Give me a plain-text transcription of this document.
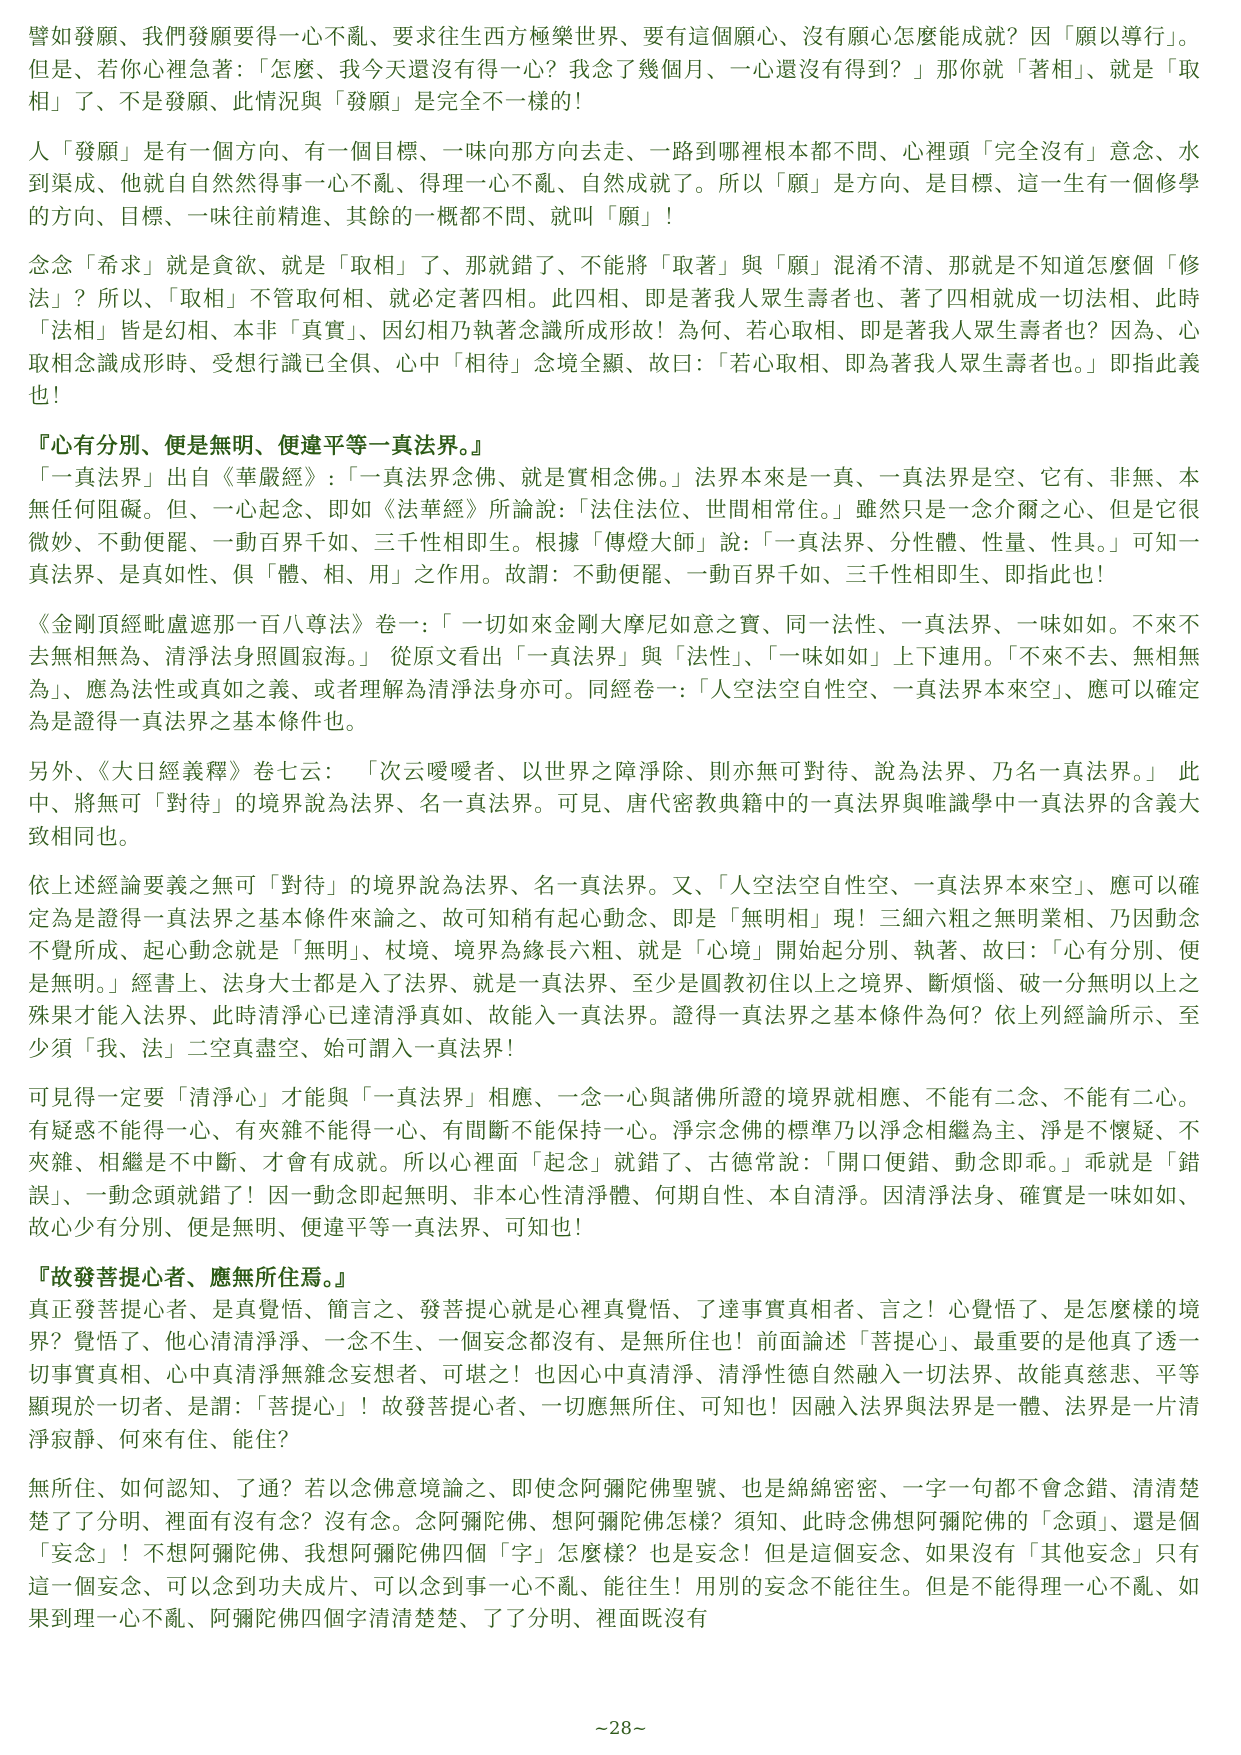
譬如發願、我們發願要得一心不亂、要求往生西方極樂世界、要有這個願心、沒有願心怎麼能成就？因「願以導行」。但是、若你心裡急著：「怎麼、我今天還沒有得一心？我念了幾個月、一心還沒有得到？」那你就「著相」、就是「取相」了、不是發願、此情況與「發願」是完全不一樣的！

人「發願」是有一個方向、有一個目標、一味向那方向去走、一路到哪裡根本都不問、心裡頭「完全沒有」意念、水到渠成、他就自自然然得事一心不亂、得理一心不亂、自然成就了。所以「願」是方向、是目標、這一生有一個修學的方向、目標、一味往前精進、其餘的一概都不問、就叫「願」！

念念「希求」就是貪欲、就是「取相」了、那就錯了、不能將「取著」與「願」混淆不清、那就是不知道怎麼個「修法」？所以、「取相」不管取何相、就必定著四相。此四相、即是著我人眾生壽者也、著了四相就成一切法相、此時「法相」皆是幻相、本非「真實」、因幻相乃執著念識所成形故！為何、若心取相、即是著我人眾生壽者也？因為、心取相念識成形時、受想行識已全俱、心中「相待」念境全顯、故曰：「若心取相、即為著我人眾生壽者也。」即指此義也！

『心有分別、便是無明、便違平等一真法界。』

「一真法界」出自《華嚴經》:「一真法界念佛、就是實相念佛。」法界本來是一真、一真法界是空、它有、非無、本無任何阻礙。但、一心起念、即如《法華經》所論說:「法住法位、世間相常住。」雖然只是一念介爾之心、但是它很微妙、不動便罷、一動百界千如、三千性相即生。根據「傳燈大師」說:「一真法界、分性體、性量、性具。」可知一真法界、是真如性、俱「體、相、用」之作用。故謂：不動便罷、一動百界千如、三千性相即生、即指此也！

《金剛頂經毗盧遮那一百八尊法》卷一:「 一切如來金剛大摩尼如意之寶、同一法性、一真法界、一味如如。不來不去無相無為、清淨法身照圓寂海。」 從原文看出「一真法界」與「法性」、「一味如如」上下連用。「不來不去、無相無為」、應為法性或真如之義、或者理解為清淨法身亦可。同經卷一:「人空法空自性空、一真法界本來空」、應可以確定為是證得一真法界之基本條件也。

另外、《大日經義釋》卷七云： 「次云噯噯者、以世界之障淨除、則亦無可對待、說為法界、乃名一真法界。」 此中、將無可「對待」的境界說為法界、名一真法界。可見、唐代密教典籍中的一真法界與唯識學中一真法界的含義大致相同也。

依上述經論要義之無可「對待」的境界說為法界、名一真法界。又、「人空法空自性空、一真法界本來空」、應可以確定為是證得一真法界之基本條件來論之、故可知稍有起心動念、即是「無明相」現！三細六粗之無明業相、乃因動念不覺所成、起心動念就是「無明」、杖境、境界為緣長六粗、就是「心境」開始起分別、執著、故曰：「心有分別、便是無明。」經書上、法身大士都是入了法界、就是一真法界、至少是圓教初住以上之境界、斷煩惱、破一分無明以上之殊果才能入法界、此時清淨心已達清淨真如、故能入一真法界。證得一真法界之基本條件為何？依上列經論所示、至少須「我、法」二空真盡空、始可謂入一真法界！

可見得一定要「清淨心」才能與「一真法界」相應、一念一心與諸佛所證的境界就相應、不能有二念、不能有二心。有疑惑不能得一心、有夾雜不能得一心、有間斷不能保持一心。淨宗念佛的標準乃以淨念相繼為主、淨是不懷疑、不夾雜、相繼是不中斷、才會有成就。所以心裡面「起念」就錯了、古德常說：「開口便錯、動念即乖。」乖就是「錯誤」、一動念頭就錯了！因一動念即起無明、非本心性清淨體、何期自性、本自清淨。因清淨法身、確實是一味如如、故心少有分別、便是無明、便違平等一真法界、可知也！

『故發菩提心者、應無所住焉。』

真正發菩提心者、是真覺悟、簡言之、發菩提心就是心裡真覺悟、了達事實真相者、言之！心覺悟了、是怎麼樣的境界？覺悟了、他心清清淨淨、一念不生、一個妄念都沒有、是無所住也！前面論述「菩提心」、最重要的是他真了透一切事實真相、心中真清淨無雜念妄想者、可堪之！也因心中真清淨、清淨性德自然融入一切法界、故能真慈悲、平等顯現於一切者、是謂：「菩提心」！故發菩提心者、一切應無所住、可知也！因融入法界與法界是一體、法界是一片清淨寂靜、何來有住、能住？

無所住、如何認知、了通？若以念佛意境論之、即使念阿彌陀佛聖號、也是綿綿密密、一字一句都不會念錯、清清楚楚了了分明、裡面有沒有念？沒有念。念阿彌陀佛、想阿彌陀佛怎樣？須知、此時念佛想阿彌陀佛的「念頭」、還是個「妄念」！不想阿彌陀佛、我想阿彌陀佛四個「字」怎麼樣？也是妄念！但是這個妄念、如果沒有「其他妄念」只有這一個妄念、可以念到功夫成片、可以念到事一心不亂、能往生！用別的妄念不能往生。但是不能得理一心不亂、如果到理一心不亂、阿彌陀佛四個字清清楚楚、了了分明、裡面既沒有

~28~
